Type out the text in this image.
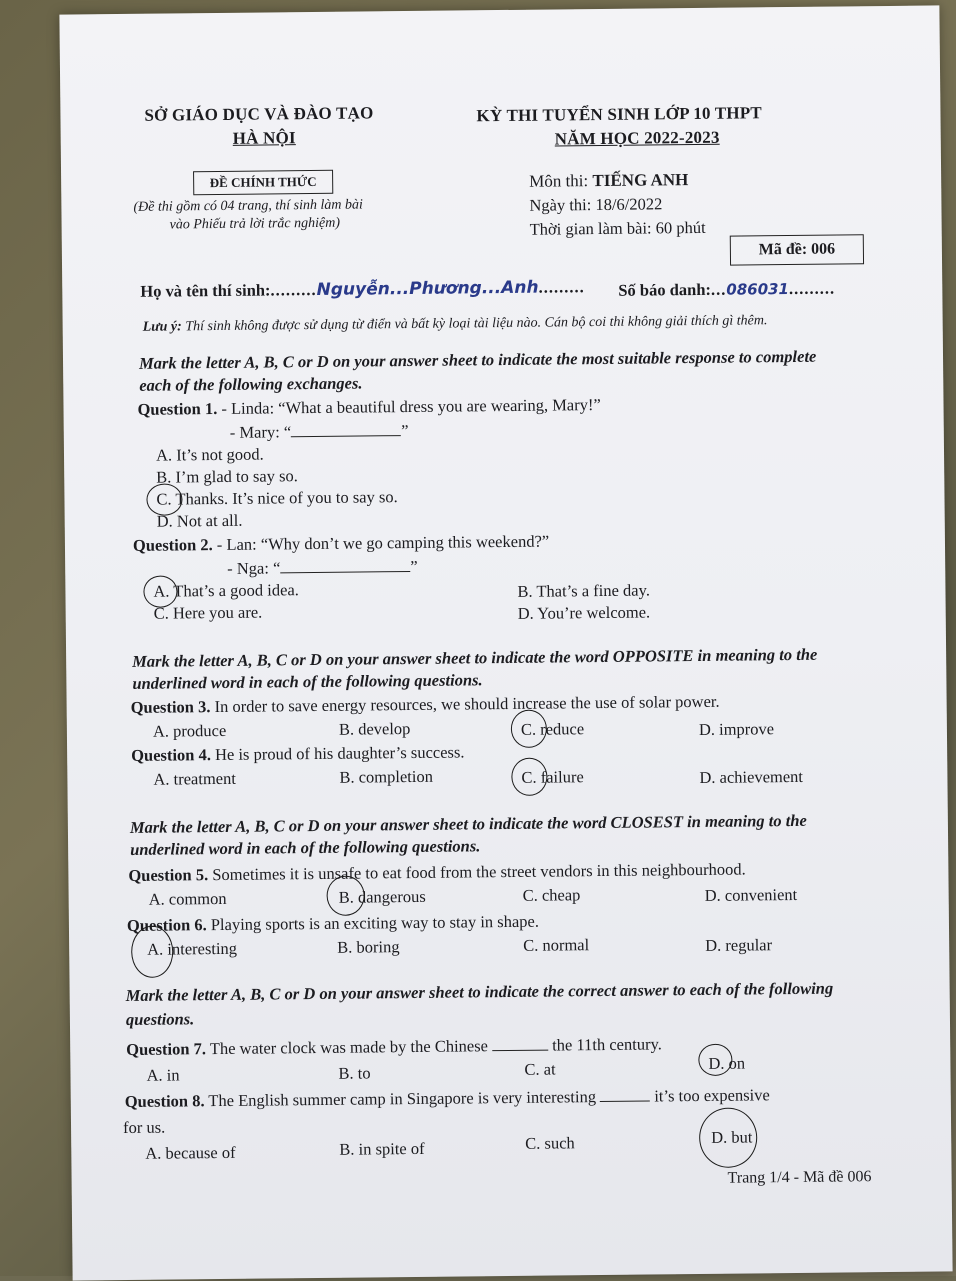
SỞ GIÁO DỤC VÀ ĐÀO TẠO
HÀ NỘI
KỲ THI TUYỂN SINH LỚP 10 THPT
NĂM HỌC 2022-2023
ĐỀ CHÍNH THỨC
(Đề thi gồm có 04 trang, thí sinh làm bài
vào Phiếu trả lời trắc nghiệm)
Môn thi: TIẾNG ANH
Ngày thi: 18/6/2022
Thời gian làm bài: 60 phút
Mã đề: 006
Họ và tên thí sinh:.........Nguyễn...Phương...Anh......... Số báo danh:...086031.........
Lưu ý: Thí sinh không được sử dụng từ điển và bất kỳ loại tài liệu nào. Cán bộ coi thi không giải thích gì thêm.
Mark the letter A, B, C or D on your answer sheet to indicate the most suitable response to complete
each of the following exchanges.
Question 1. - Linda: “What a beautiful dress you are wearing, Mary!”
- Mary: “	”
A. It’s not good.
B. I’m glad to say so.
C. Thanks. It’s nice of you to say so.
D. Not at all.
Question 2. - Lan: “Why don’t we go camping this weekend?”
- Nga: “	”
A. That’s a good idea.	B. That’s a fine day.
C. Here you are.	D. You’re welcome.
Mark the letter A, B, C or D on your answer sheet to indicate the word OPPOSITE in meaning to the
underlined word in each of the following questions.
Question 3. In order to save energy resources, we should increase the use of solar power.
A. produce	B. develop	C. reduce	D. improve
Question 4. He is proud of his daughter’s success.
A. treatment	B. completion	C. failure	D. achievement
Mark the letter A, B, C or D on your answer sheet to indicate the word CLOSEST in meaning to the
underlined word in each of the following questions.
Question 5. Sometimes it is unsafe to eat food from the street vendors in this neighbourhood.
A. common	B. dangerous	C. cheap	D. convenient
Question 6. Playing sports is an exciting way to stay in shape.
A. interesting	B. boring	C. normal	D. regular
Mark the letter A, B, C or D on your answer sheet to indicate the correct answer to each of the following
questions.
Question 7. The water clock was made by the Chinese	the 11th century.
A. in	B. to	C. at	D. on
Question 8. The English summer camp in Singapore is very interesting	it’s too expensive
for us.
A. because of	B. in spite of	C. such	D. but
Trang 1/4 - Mã đề 006
